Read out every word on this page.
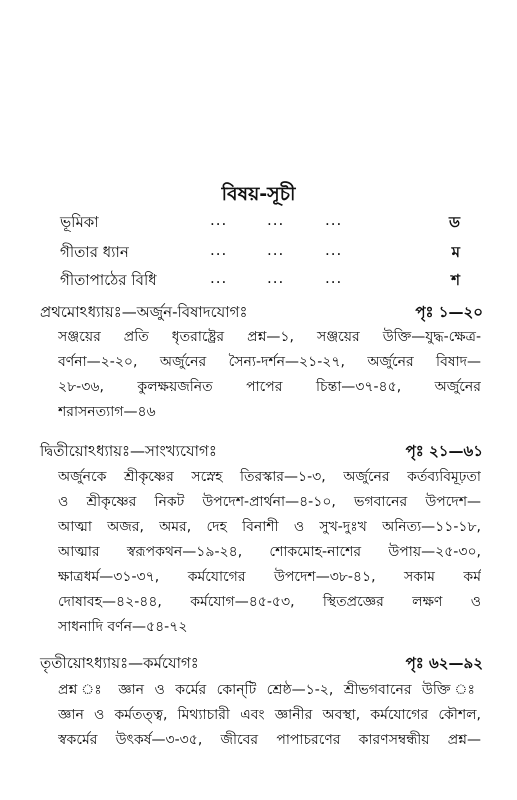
বিষয়-সূচী
ভূমিকা	...	...	...	ড
গীতার ধ্যান	...	...	...	ম
গীতাপাঠের বিধি	...	...	...	শ
প্রথমোঽধ্যায়ঃ—অর্জুন-বিষাদযোগঃ	পৃঃ ১—২০
সঞ্জয়ের প্রতি ধৃতরাষ্ট্রের প্রশ্ন—১, সঞ্জয়ের উক্তি—যুদ্ধ-ক্ষেত্র-
বর্ণনা—২-২০, অর্জুনের সৈন্য-দর্শন—২১-২৭, অর্জুনের বিষাদ—
২৮-৩৬, কুলক্ষয়জনিত পাপের চিন্তা—৩৭-৪৫, অর্জুনের
শরাসনত্যাগ—৪৬
দ্বিতীয়োঽধ্যায়ঃ—সাংখ্যযোগঃ	পৃঃ ২১—৬১
অর্জুনকে শ্রীকৃষ্ণের সস্নেহ তিরস্কার—১-৩, অর্জুনের কর্তব্যবিমূঢ়তা
ও শ্রীকৃষ্ণের নিকট উপদেশ-প্রার্থনা—৪-১০, ভগবানের উপদেশ—
আত্মা অজর, অমর, দেহ বিনাশী ও সুখ-দুঃখ অনিত্য—১১-১৮,
আত্মার স্বরূপকথন—১৯-২৪, শোকমোহ-নাশের উপায়—২৫-৩০,
ক্ষাত্রধর্ম—৩১-৩৭, কর্মযোগের উপদেশ—৩৮-৪১, সকাম কর্ম
দোষাবহ—৪২-৪৪, কর্মযোগ—৪৫-৫৩, স্থিতপ্রজ্ঞের লক্ষণ ও
সাধনাদি বর্ণন—৫৪-৭২
তৃতীয়োঽধ্যায়ঃ—কর্মযোগঃ	পৃঃ ৬২—৯২
প্রশ্ন ঃ জ্ঞান ও কর্মের কোন্‌টি শ্রেষ্ঠ—১-২, শ্রীভগবানের উক্তি ঃ
জ্ঞান ও কর্মতত্ত্ব, মিথ্যাচারী এবং জ্ঞানীর অবস্থা, কর্মযোগের কৌশল,
স্বকর্মের উৎকর্ষ—৩-৩৫, জীবের পাপাচরণের কারণসম্বন্ধীয় প্রশ্ন—
